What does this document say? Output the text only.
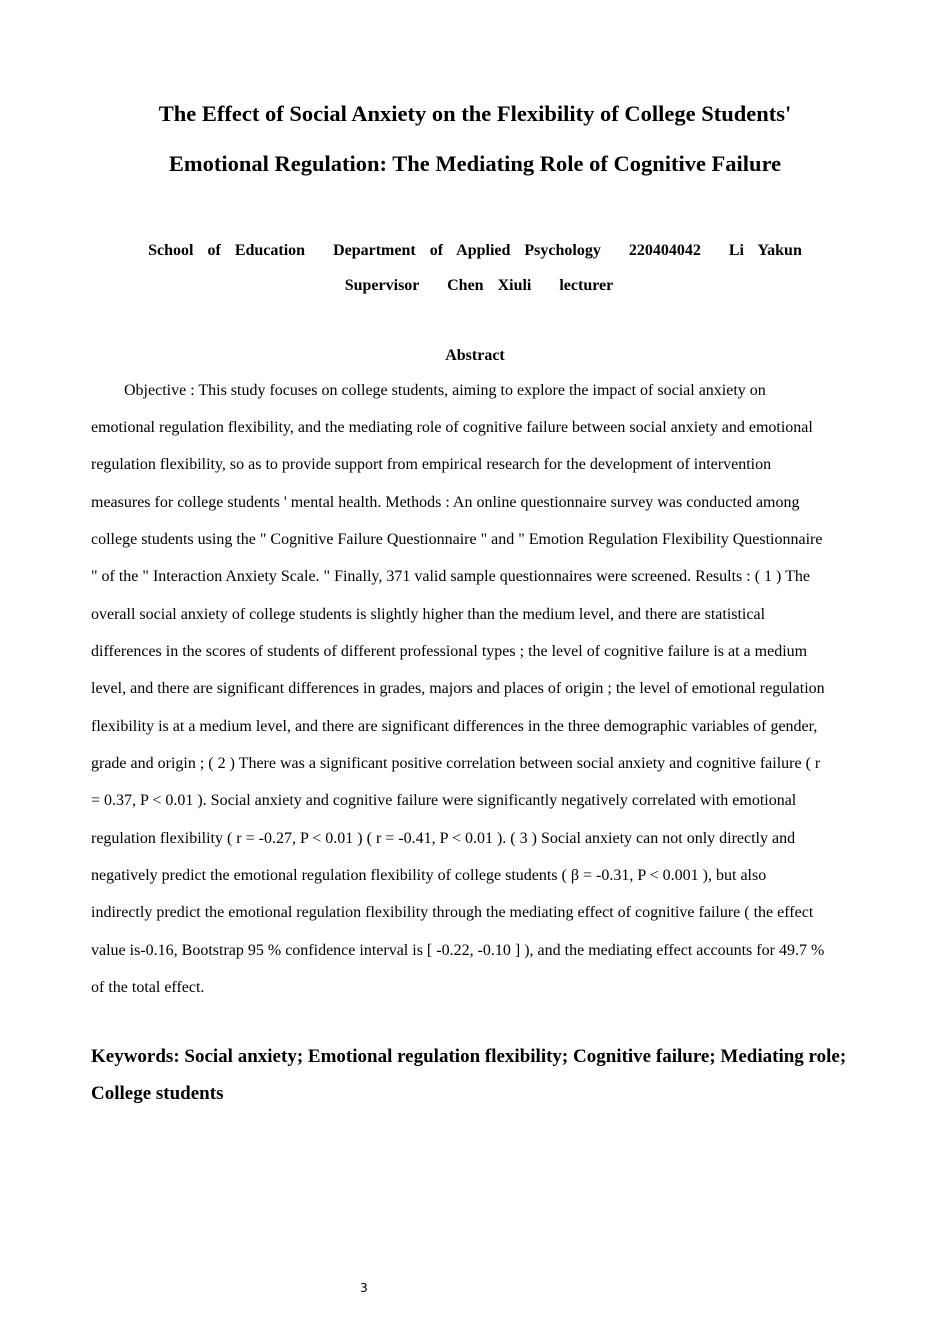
The Effect of Social Anxiety on the Flexibility of College Students'
Emotional Regulation: The Mediating Role of Cognitive Failure
School  of  Education    Department  of  Applied  Psychology    220404042    Li  Yakun
Supervisor    Chen  Xiuli    lecturer
Abstract
Objective : This study focuses on college students, aiming to explore the impact of social anxiety on
emotional regulation flexibility, and the mediating role of cognitive failure between social anxiety and emotional
regulation flexibility, so as to provide support from empirical research for the development of intervention
measures for college students ' mental health. Methods : An online questionnaire survey was conducted among
college students using the " Cognitive Failure Questionnaire " and " Emotion Regulation Flexibility Questionnaire
" of the " Interaction Anxiety Scale. " Finally, 371 valid sample questionnaires were screened. Results : ( 1 ) The
overall social anxiety of college students is slightly higher than the medium level, and there are statistical
differences in the scores of students of different professional types ; the level of cognitive failure is at a medium
level, and there are significant differences in grades, majors and places of origin ; the level of emotional regulation
flexibility is at a medium level, and there are significant differences in the three demographic variables of gender,
grade and origin ; ( 2 ) There was a significant positive correlation between social anxiety and cognitive failure ( r
= 0.37, P < 0.01 ). Social anxiety and cognitive failure were significantly negatively correlated with emotional
regulation flexibility ( r = -0.27, P < 0.01 ) ( r = -0.41, P < 0.01 ). ( 3 ) Social anxiety can not only directly and
negatively predict the emotional regulation flexibility of college students ( β = -0.31, P < 0.001 ), but also
indirectly predict the emotional regulation flexibility through the mediating effect of cognitive failure ( the effect
value is-0.16, Bootstrap 95 % confidence interval is [ -0.22, -0.10 ] ), and the mediating effect accounts for 49.7 %
of the total effect.
Keywords: Social anxiety; Emotional regulation flexibility; Cognitive failure; Mediating role;
College students
3
